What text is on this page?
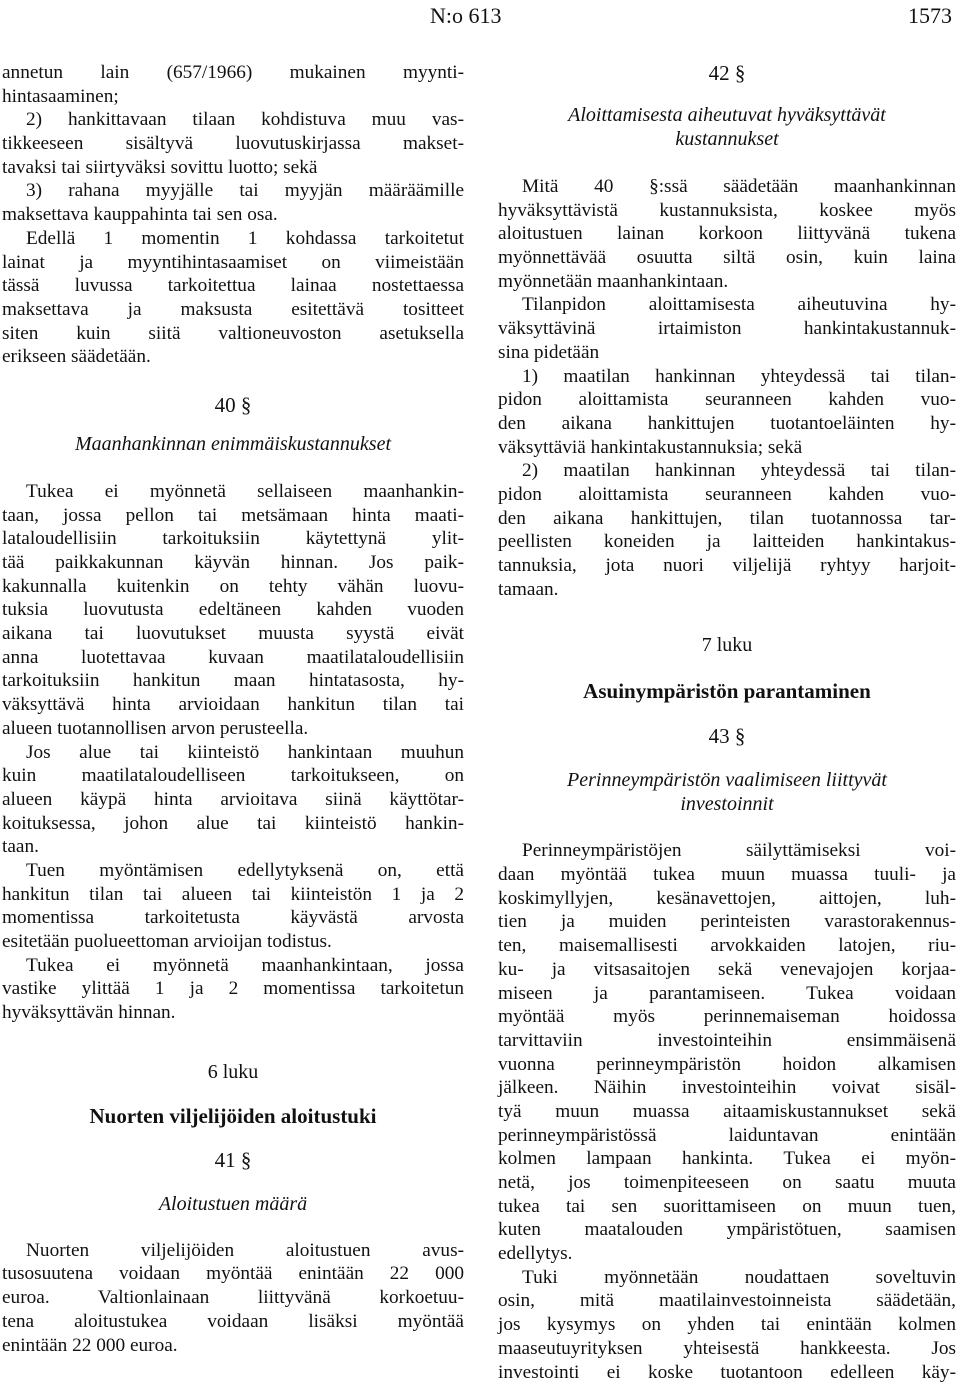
N:o 613	1573
annetun lain (657/1966) mukainen myynti-
hintasaaminen;
2) hankittavaan tilaan kohdistuva muu vas-
tikkeeseen sisältyvä luovutuskirjassa makset-
tavaksi tai siirtyväksi sovittu luotto; sekä
3) rahana myyjälle tai myyjän määräämille
maksettava kauppahinta tai sen osa.
Edellä 1 momentin 1 kohdassa tarkoitetut
lainat ja myyntihintasaamiset on viimeistään
tässä luvussa tarkoitettua lainaa nostettaessa
maksettava ja maksusta esitettävä tositteet
siten kuin siitä valtioneuvoston asetuksella
erikseen säädetään.

40 §

Maanhankinnan enimmäiskustannukset

Tukea ei myönnetä sellaiseen maanhankin-
taan, jossa pellon tai metsämaan hinta maati-
lataloudellisiin tarkoituksiin käytettynä ylit-
tää paikkakunnan käyvän hinnan. Jos paik-
kakunnalla kuitenkin on tehty vähän luovu-
tuksia luovutusta edeltäneen kahden vuoden
aikana tai luovutukset muusta syystä eivät
anna luotettavaa kuvaan maatilataloudellisiin
tarkoituksiin hankitun maan hintatasosta, hy-
väksyttävä hinta arvioidaan hankitun tilan tai
alueen tuotannollisen arvon perusteella.
Jos alue tai kiinteistö hankintaan muuhun
kuin maatilataloudelliseen tarkoitukseen, on
alueen käypä hinta arvioitava siinä käyttötar-
koituksessa, johon alue tai kiinteistö hankin-
taan.
Tuen myöntämisen edellytyksenä on, että
hankitun tilan tai alueen tai kiinteistön 1 ja 2
momentissa tarkoitetusta käyvästä arvosta
esitetään puolueettoman arvioijan todistus.
Tukea ei myönnetä maanhankintaan, jossa
vastike ylittää 1 ja 2 momentissa tarkoitetun
hyväksyttävän hinnan.

6 luku

Nuorten viljelijöiden aloitustuki

41 §

Aloitustuen määrä

Nuorten viljelijöiden aloitustuen avus-
tusosuutena voidaan myöntää enintään 22 000
euroa. Valtionlainaan liittyvänä korkoetuu-
tena aloitustukea voidaan lisäksi myöntää
enintään 22 000 euroa.

42 §

Aloittamisesta aiheutuvat hyväksyttävät
kustannukset
Mitä 40 §:ssä säädetään maanhankinnan
hyväksyttävistä kustannuksista, koskee myös
aloitustuen lainan korkoon liittyvänä tukena
myönnettävää osuutta siltä osin, kuin laina
myönnetään maanhankintaan.
Tilanpidon aloittamisesta aiheutuvina hy-
väksyttävinä irtaimiston hankintakustannuk-
sina pidetään
1) maatilan hankinnan yhteydessä tai tilan-
pidon aloittamista seuranneen kahden vuo-
den aikana hankittujen tuotantoeläinten hy-
väksyttäviä hankintakustannuksia; sekä
2) maatilan hankinnan yhteydessä tai tilan-
pidon aloittamista seuranneen kahden vuo-
den aikana hankittujen, tilan tuotannossa tar-
peellisten koneiden ja laitteiden hankintakus-
tannuksia, jota nuori viljelijä ryhtyy harjoit-
tamaan.

7 luku

Asuinympäristön parantaminen

43 §

Perinneympäristön vaalimiseen liittyvät
investoinnit
Perinneympäristöjen säilyttämiseksi voi-
daan myöntää tukea muun muassa tuuli- ja
koskimyllyjen, kesänavettojen, aittojen, luh-
tien ja muiden perinteisten varastorakennus-
ten, maisemallisesti arvokkaiden latojen, riu-
ku- ja vitsasaitojen sekä venevajojen korjaa-
miseen ja parantamiseen. Tukea voidaan
myöntää myös perinnemaiseman hoidossa
tarvittaviin investointeihin ensimmäisenä
vuonna perinneympäristön hoidon alkamisen
jälkeen. Näihin investointeihin voivat sisäl-
tyä muun muassa aitaamiskustannukset sekä
perinneympäristössä laiduntavan enintään
kolmen lampaan hankinta. Tukea ei myön-
netä, jos toimenpiteeseen on saatu muuta
tukea tai sen suorittamiseen on muun tuen,
kuten maatalouden ympäristötuen, saamisen
edellytys.
Tuki myönnetään noudattaen soveltuvin
osin, mitä maatilainvestoinneista säädetään,
jos kysymys on yhden tai enintään kolmen
maaseutuyrityksen yhteisestä hankkeesta. Jos
investointi ei koske tuotantoon edelleen käy-
